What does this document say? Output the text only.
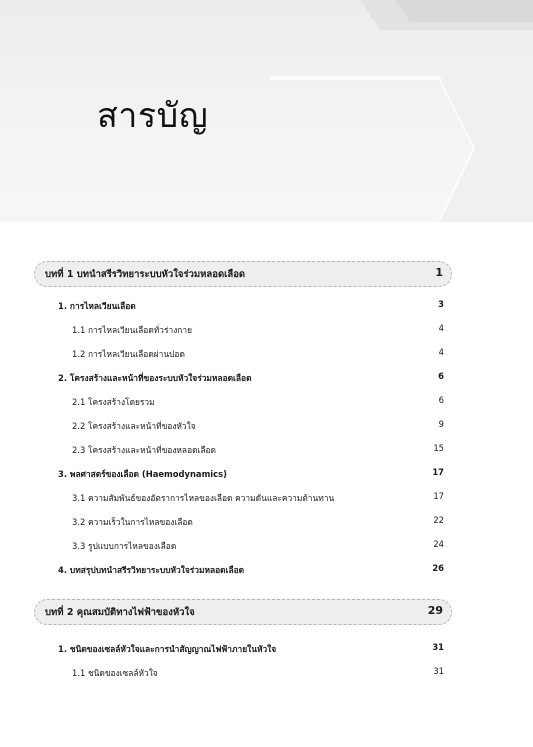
สารบัญ
บทที่ 1 บทนำสรีรวิทยาระบบหัวใจร่วมหลอดเลือด	1
1. การไหลเวียนเลือด	3
1.1 การไหลเวียนเลือดทั่วร่างกาย	4
1.2 การไหลเวียนเลือดผ่านปอด	4
2. โครงสร้างและหน้าที่ของระบบหัวใจร่วมหลอดเลือด	6
2.1 โครงสร้างโดยรวม	6
2.2 โครงสร้างและหน้าที่ของหัวใจ	9
2.3 โครงสร้างและหน้าที่ของหลอดเลือด	15
3. พลศาสตร์ของเลือด (Haemodynamics)	17
3.1 ความสัมพันธ์ของอัตราการไหลของเลือด ความดันและความต้านทาน	17
3.2 ความเร็วในการไหลของเลือด	22
3.3 รูปแบบการไหลของเลือด	24
4. บทสรุปบทนำสรีรวิทยาระบบหัวใจร่วมหลอดเลือด	26
บทที่ 2 คุณสมบัติทางไฟฟ้าของหัวใจ	29
1. ชนิดของเซลล์หัวใจและการนำสัญญาณไฟฟ้าภายในหัวใจ	31
1.1 ชนิดของเซลล์หัวใจ	31
